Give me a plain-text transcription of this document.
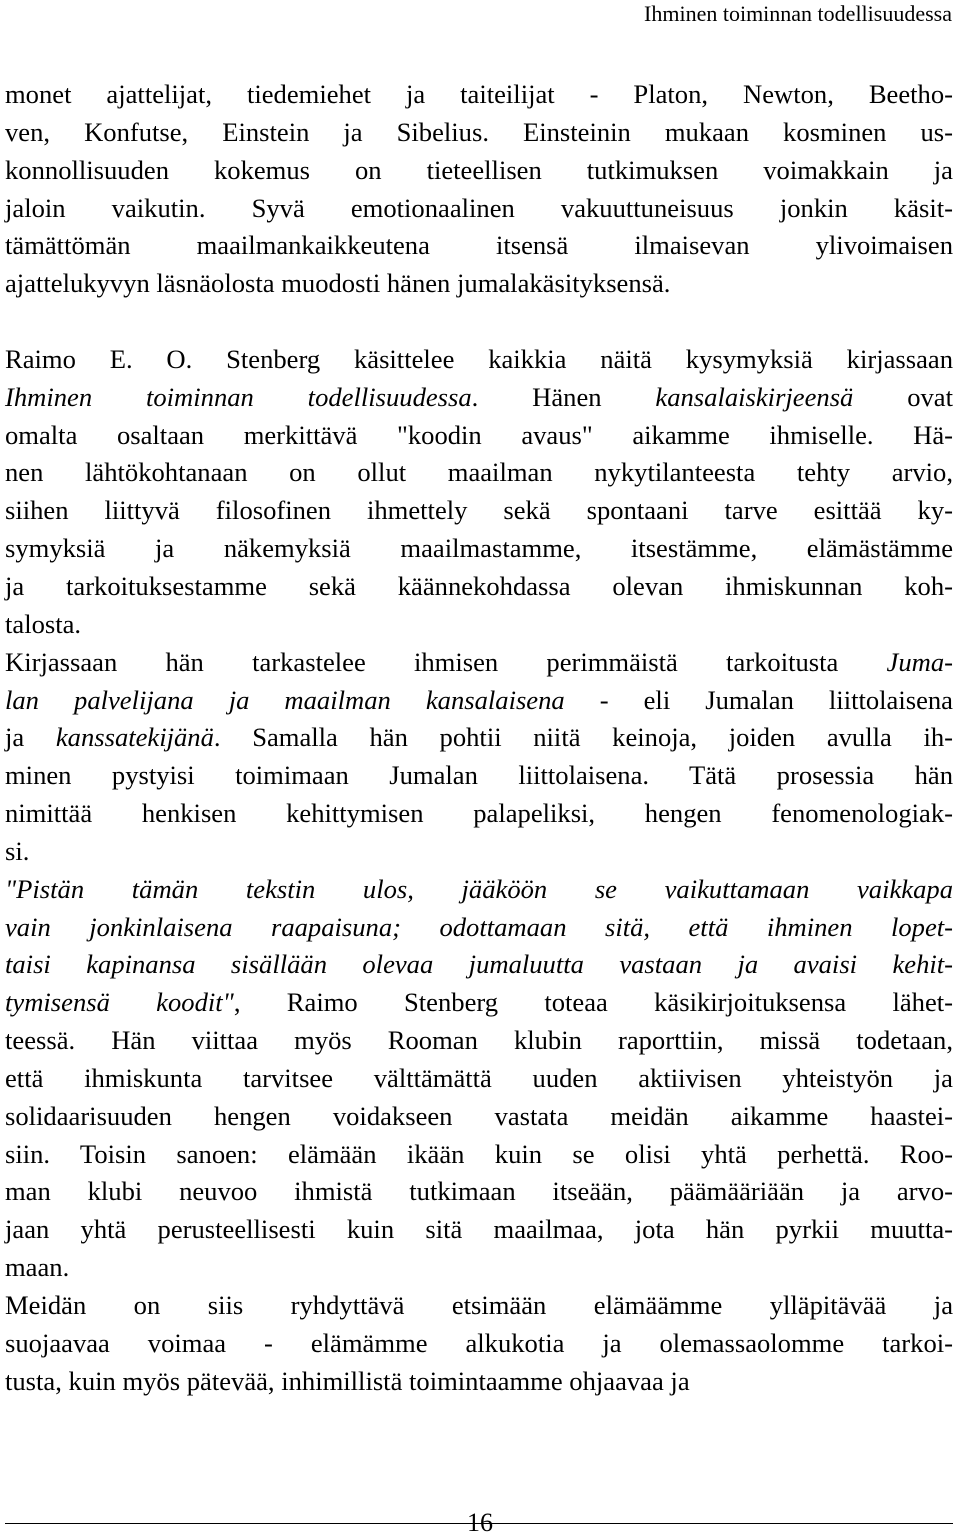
Ihminen toiminnan todellisuudessa
monet ajattelijat, tiedemiehet ja taiteilijat - Platon, Newton, Beetho-
ven, Konfutse, Einstein ja Sibelius. Einsteinin mukaan kosminen us-
konnollisuuden kokemus on tieteellisen tutkimuksen voimakkain ja
jaloin vaikutin. Syvä emotionaalinen vakuuttuneisuus jonkin käsit-
tämättömän maailmankaikkeutena itsensä ilmaisevan ylivoimaisen
ajattelukyvyn läsnäolosta muodosti hänen jumalakäsityksensä.
Raimo E. O. Stenberg käsittelee kaikkia näitä kysymyksiä kirjassaan
Ihminen toiminnan todellisuudessa. Hänen kansalaiskirjeensä ovat
omalta osaltaan merkittävä "koodin avaus" aikamme ihmiselle. Hä-
nen lähtökohtanaan on ollut maailman nykytilanteesta tehty arvio,
siihen liittyvä filosofinen ihmettely sekä spontaani tarve esittää ky-
symyksiä ja näkemyksiä maailmastamme, itsestämme, elämästämme
ja tarkoituksestamme sekä käännekohdassa olevan ihmiskunnan koh-
talosta.
Kirjassaan hän tarkastelee ihmisen perimmäistä tarkoitusta Juma-
lan palvelijana ja maailman kansalaisena - eli Jumalan liittolaisena
ja kanssatekijänä. Samalla hän pohtii niitä keinoja, joiden avulla ih-
minen pystyisi toimimaan Jumalan liittolaisena. Tätä prosessia hän
nimittää henkisen kehittymisen palapeliksi, hengen fenomenologiak-
si.
"Pistän tämän tekstin ulos, jääköön se vaikuttamaan vaikkapa
vain jonkinlaisena raapaisuna; odottamaan sitä, että ihminen lopet-
taisi kapinansa sisällään olevaa jumaluutta vastaan ja avaisi kehit-
tymisensä koodit", Raimo Stenberg toteaa käsikirjoituksensa lähet-
teessä. Hän viittaa myös Rooman klubin raporttiin, missä todetaan,
että ihmiskunta tarvitsee välttämättä uuden aktiivisen yhteistyön ja
solidaarisuuden hengen voidakseen vastata meidän aikamme haastei-
siin. Toisin sanoen: elämään ikään kuin se olisi yhtä perhettä. Roo-
man klubi neuvoo ihmistä tutkimaan itseään, päämääriään ja arvo-
jaan yhtä perusteellisesti kuin sitä maailmaa, jota hän pyrkii muutta-
maan.
Meidän on siis ryhdyttävä etsimään elämäämme ylläpitävää ja
suojaavaa voimaa - elämämme alkukotia ja olemassaolomme tarkoi-
tusta, kuin myös pätevää, inhimillistä toimintaamme ohjaavaa ja
16
